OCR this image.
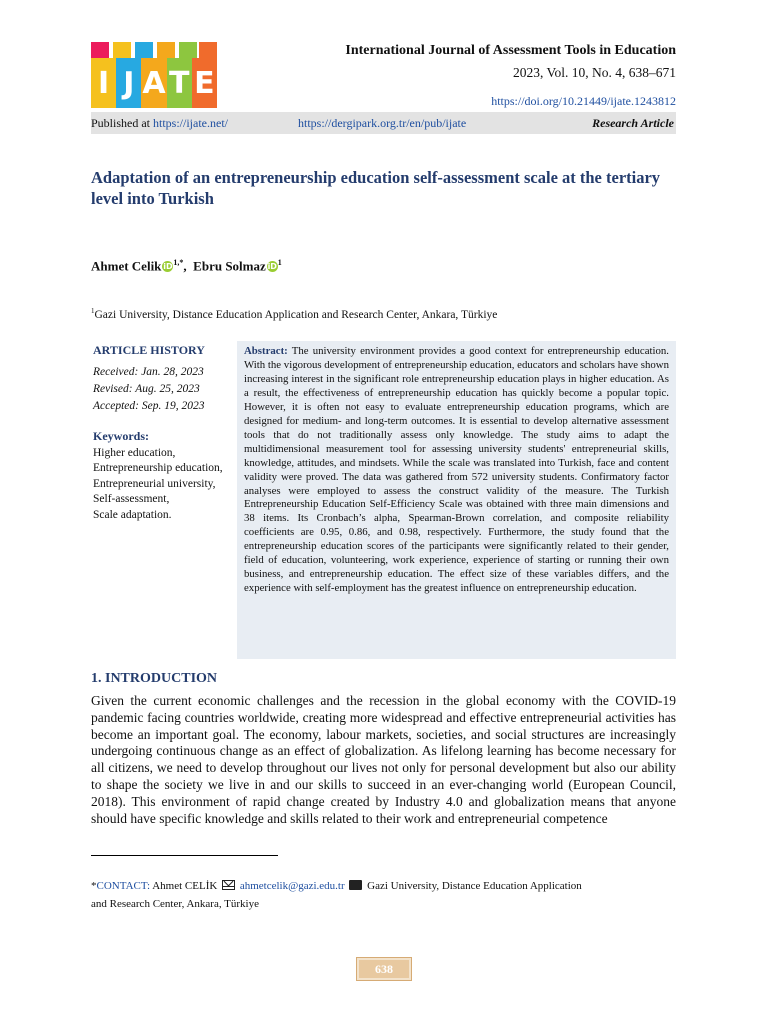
I J A T E
International Journal of Assessment Tools in Education
2023, Vol. 10, No. 4, 638–671
https://doi.org/10.21449/ijate.1243812
Published at https://ijate.net/	https://dergipark.org.tr/en/pub/ijate	Research Article
Adaptation of an entrepreneurship education self-assessment scale at the tertiary level into Turkish
Ahmet Celik $iD^{1,*}$,  Ebru Solmaz $iD^1$
$^1$Gazi University, Distance Education Application and Research Center, Ankara, Türkiye
ARTICLE HISTORY
Received: Jan. 28, 2023
Revised: Aug. 25, 2023
Accepted: Sep. 19, 2023
Keywords:
Higher education,
Entrepreneurship education,
Entrepreneurial university,
Self-assessment,
Scale adaptation.
Abstract: The university environment provides a good context for entrepreneurship education. With the vigorous development of entrepreneurship education, educators and scholars have shown increasing interest in the significant role entrepreneurship education plays in higher education. As a result, the effectiveness of entrepreneurship education has quickly become a popular topic. However, it is often not easy to evaluate entrepreneurship education programs, which are designed for medium- and long-term outcomes. It is essential to develop alternative assessment tools that do not traditionally assess only knowledge. The study aims to adapt the multidimensional measurement tool for assessing university students' entrepreneurial skills, knowledge, attitudes, and mindsets. While the scale was translated into Turkish, face and content validity were proved. The data was gathered from 572 university students. Confirmatory factor analyses were employed to assess the construct validity of the measure. The Turkish Entrepreneurship Education Self-Efficiency Scale was obtained with three main dimensions and 38 items. Its Cronbach’s alpha, Spearman-Brown correlation, and composite reliability coefficients are 0.95, 0.86, and 0.98, respectively. Furthermore, the study found that the entrepreneurship education scores of the participants were significantly related to their gender, field of education, volunteering, work experience, experience of starting or running their own business, and entrepreneurship education. The effect size of these variables differs, and the experience with self-employment has the greatest influence on entrepreneurship education.
1. INTRODUCTION
Given the current economic challenges and the recession in the global economy with the COVID-19 pandemic facing countries worldwide, creating more widespread and effective entrepreneurial activities has become an important goal. The economy, labour markets, societies, and social structures are increasingly undergoing continuous change as an effect of globalization. As lifelong learning has become necessary for all citizens, we need to develop throughout our lives not only for personal development but also our ability to shape the society we live in and our skills to succeed in an ever-changing world (European Council, 2018). This environment of rapid change created by Industry 4.0 and globalization means that anyone should have specific knowledge and skills related to their work and entrepreneurial competence
*CONTACT: Ahmet CELİK ahmetcelik@gazi.edu.tr Gazi University, Distance Education Application
and Research Center, Ankara, Türkiye
638
